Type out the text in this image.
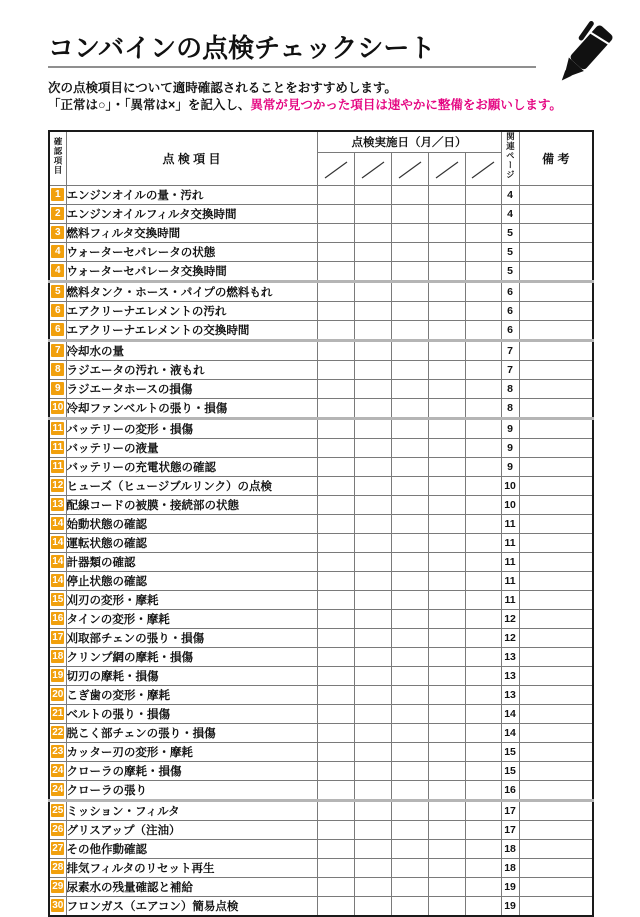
コンバインの点検チェックシート
次の点検項目について適時確認されることをおすすめします。
「正常は○」・「異常は×」を記入し、異常が見つかった項目は速やかに整備をお願いします。
確認項目	点 検 項 目	点検実施日（月／日）					関連ページ	備 考

1	エンジンオイルの量・汚れ						4	
2	エンジンオイルフィルタ交換時間						4	
3	燃料フィルタ交換時間						5	
4	ウォーターセパレータの状態						5	
4	ウォーターセパレータ交換時間						5	
5	燃料タンク・ホース・パイプの燃料もれ						6	
6	エアクリーナエレメントの汚れ						6	
6	エアクリーナエレメントの交換時間						6	
7	冷却水の量						7	
8	ラジエータの汚れ・液もれ						7	
9	ラジエータホースの損傷						8	
10	冷却ファンベルトの張り・損傷						8	
11	バッテリーの変形・損傷						9	
11	バッテリーの液量						9	
11	バッテリーの充電状態の確認						9	
12	ヒューズ（ヒュージブルリンク）の点検						10	
13	配線コードの被膜・接続部の状態						10	
14	始動状態の確認						11	
14	運転状態の確認						11	
14	計器類の確認						11	
14	停止状態の確認						11	
15	刈刃の変形・摩耗						11	
16	タインの変形・摩耗						12	
17	刈取部チェンの張り・損傷						12	
18	クリンプ網の摩耗・損傷						13	
19	切刃の摩耗・損傷						13	
20	こぎ歯の変形・摩耗						13	
21	ベルトの張り・損傷						14	
22	脱こく部チェンの張り・損傷						14	
23	カッター刃の変形・摩耗						15	
24	クローラの摩耗・損傷						15	
24	クローラの張り						16	
25	ミッション・フィルタ						17	
26	グリスアップ（注油）						17	
27	その他作動確認						18	
28	排気フィルタのリセット再生						18	
29	尿素水の残量確認と補給						19	
30	フロンガス（エアコン）簡易点検						19	
